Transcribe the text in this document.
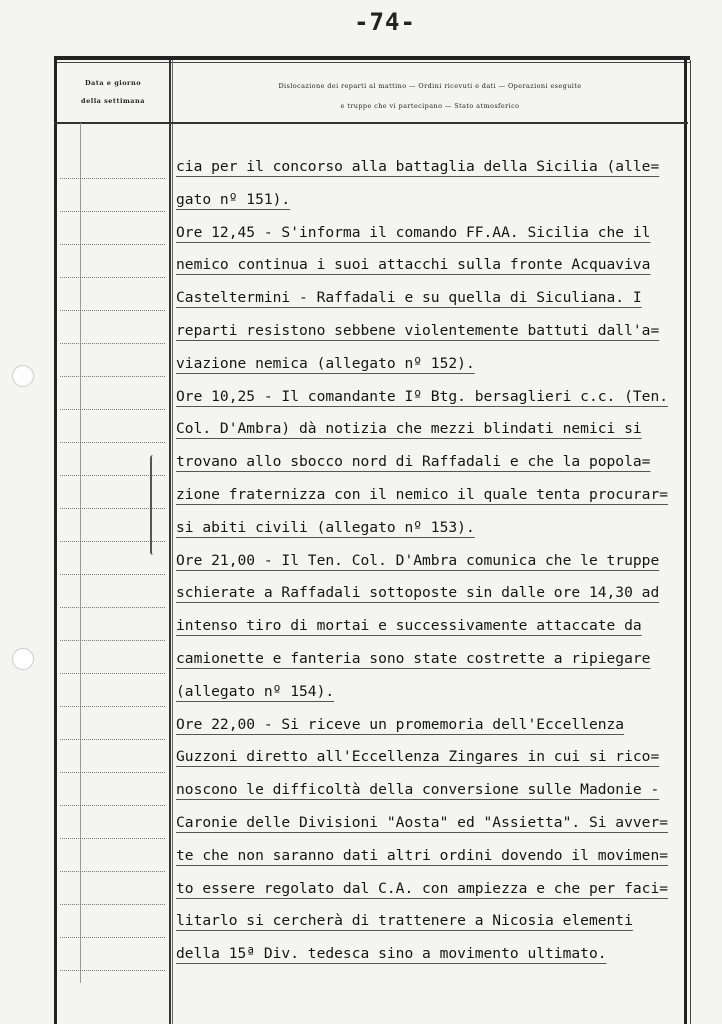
-74-
Data e giorno
della settimana
Dislocazione dei reparti al mattino — Ordini ricevuti e dati — Operazioni eseguite
e truppe che vi partecipano — Stato atmosferico
cia per il concorso alla battaglia della Sicilia (alle=
gato nº 151).
Ore 12,45 - S'informa il comando FF.AA. Sicilia che il
nemico continua i suoi attacchi sulla fronte Acquaviva
Casteltermini - Raffadali e su quella di Siculiana. I
reparti resistono sebbene violentemente battuti dall'a=
viazione nemica (allegato nº 152).
Ore 10,25 - Il comandante Iº Btg. bersaglieri c.c. (Ten.
Col. D'Ambra) dà notizia che mezzi blindati nemici si
trovano allo sbocco nord di Raffadali e che la popola=
zione fraternizza con il nemico il quale tenta procurar=
si abiti civili (allegato nº 153).
Ore 21,00 - Il Ten. Col. D'Ambra comunica che le truppe
schierate a Raffadali sottoposte sin dalle ore 14,30 ad
intenso tiro di mortai e successivamente attaccate da
camionette e fanteria sono state costrette a ripiegare
(allegato nº 154).
Ore 22,00 - Si riceve un promemoria dell'Eccellenza
Guzzoni diretto all'Eccellenza Zingares in cui si rico=
noscono le difficoltà della conversione sulle Madonie -
Caronie delle Divisioni "Aosta" ed "Assietta". Si avver=
te che non saranno dati altri ordini dovendo il movimen=
to essere regolato dal C.A. con ampiezza e che per faci=
litarlo si cercherà di trattenere a Nicosia elementi
della 15ª Div. tedesca sino a movimento ultimato.
